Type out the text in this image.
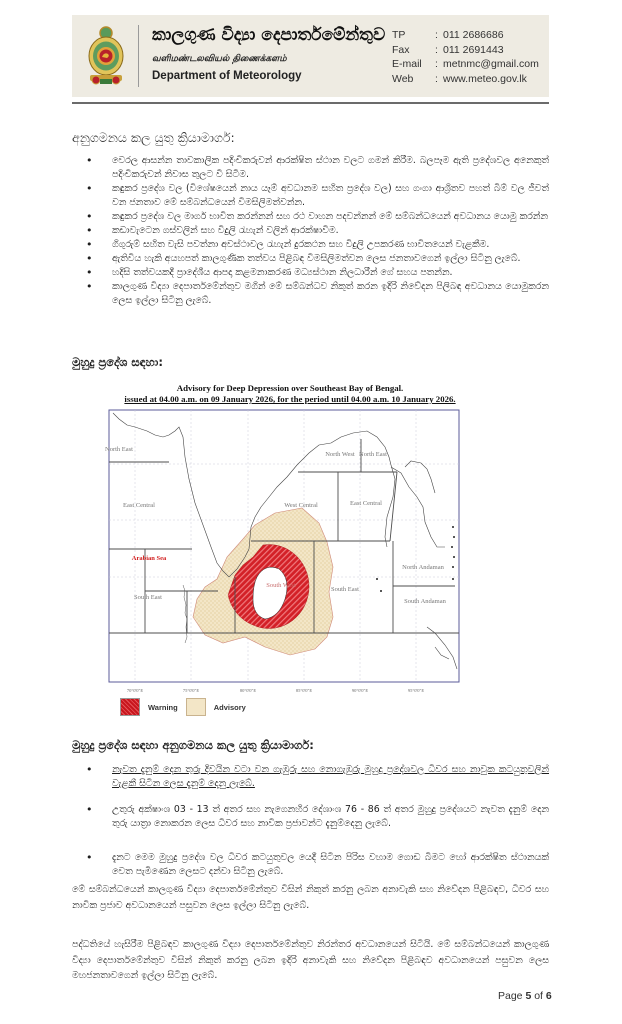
කාලගුණ විද්‍යා දෙපාර්තමේන්තුව
வளிமண்டலவியல் திணைக்களம்
Department of Meteorology
TP	: 011 2686686
Fax	: 011 2691443
E-mail	: metnmc@gmail.com
Web	: www.meteo.gov.lk
අනුගමනය කල යුතු ක්‍රියාමාර්ග:
• වෙරල ආසන්න තාවකාලික පදිංචිකරුවන් ආරක්ෂිත ස්ථාන වලට ගමන් කිරීම. බලපෑම ඇති ප්‍රදේශවල අනෙකුත් පදිංචිකරුවන් නිවාස තුලට වී සිටීම.
• කඳුකර ප්‍රදේශ වල (විශේෂයෙන් නාය යෑම් අවධානම සහිත ප්‍රදේශ වල) සහ ගංගා ආශ්‍රිතව පහත් බිම් වල ජීවත් වන ජනතාව මේ සම්බන්ධයෙන් විමසිලිමත්වන්න.
• කඳුකර ප්‍රදේශ වල මාර්ග භාවිත කරන්නන් සහ රථ වාහන පදවන්නන් මේ සම්බන්ධයෙන් අවධානය යොමු කරන්න
• කඩාවැටෙන ගස්වලින් සහ විදුලි රැහැන් වලින් ආරක්ෂාවීම.
• ගිගුරුම් සහිත වැසි පවත්නා අවස්ථාවල රැහැන් දුරකථන සහ විදුලි උපකරණ භාවිතයෙන් වැළකීම.
• ඇතිවිය හැකි අයහපත් කාලගුණික තත්වය පිළිබඳ විමසිලිමත්වන ලෙස ජනතාවගෙන් ඉල්ලා සිටිනු ලැබේ.
• හදිසි තත්වයකදී ප්‍රාදේශීය ආපදා කළමනාකරණ මධ්‍යස්ථාන නිලධාරීන් ගේ සහය පතන්න.
• කාලගුණ විද්‍යා දෙපාර්තමේන්තුව මගින් මේ සම්බන්ධව නිකුත් කරන ඉදිරි නිවේදන පිලිබඳ අවධානය යොමුකරන ලෙස ඉල්ලා සිටිනු ලැබේ.
මුහුදු ප්‍රදේශ සඳහා:
Advisory for Deep Depression over Southeast Bay of Bengal.
issued at 04.00 a.m. on 09 January 2026, for the period until 04.00 a.m. 10 January 2026.
North East
East Central
South East
North West North East
West Central	East Central
South West
South East
North Andaman
South Andaman
Arabian Sea
70°0'0"E	75°0'0"E	80°0'0"E	85°0'0"E	90°0'0"E	95°0'0"E
Warning	Advisory
මුහුදු ප්‍රදේශ සඳහා අනුගමනය කල යුතු ක්‍රියාමාර්ග:
• නැවත දැනුම් දෙන තුරු දිවයින වටා වන ගැඹුරු සහ නොගැඹුරු මුහුදු ප්‍රදේශවල ධීවර සහ නාවුක කටයුතුවලින් වැළකී සිටින ලෙස දැනුම් දෙනු ලැබේ.
• උතුරු අක්ෂාංශ 03 - 13 ත් අතර සහ නැගෙනහිර දේශාංශ 76 - 86 ත් අතර මුහුදු ප්‍රදේශයට නැවත දැනුම් දෙන තුරු යාත්‍රා නොකරන ලෙස ධීවර සහ නාවික ප්‍රජාවන්ට දැනුම්දෙනු ලැබේ.
• දැනට මෙම මුහුදු ප්‍රදේශ වල ධීවර කටයුතුවල යෙදී සිටින පිරිස වහාම ගොඩ බිමට හෝ ආරක්ෂිත ස්ථානයක් වෙත පැමිණෙන ලෙසට දන්වා සිටිනු ලැබේ.
මේ සම්බන්ධයෙන් කාලගුණ විද්‍යා දෙපාර්තමේන්තුව විසින් නිකුත් කරනු ලබන අනාවැකි සහ නිවේදන පිළිබඳව, ධීවර සහ නාවික ප්‍රජාව අවධානයෙන් පසුවන ලෙස ඉල්ලා සිටිනු ලැබේ.
පද්ධතියේ හැසිරීම පිළිබඳව කාලගුණ විද්‍යා දෙපාර්තමේන්තුව නිරන්තර අවධානයෙන් සිටියි. මේ සම්බන්ධයෙන් කාලගුණ විද්‍යා දෙපාර්තමේන්තුව විසින් නිකුත් කරනු ලබන ඉදිරි අනාවැකි සහ නිවේදන පිළිබඳව අවධානයෙන් පසුවන ලෙස මහජනතාවගෙන් ඉල්ලා සිටිනු ලැබේ.
Page 5 of 6
